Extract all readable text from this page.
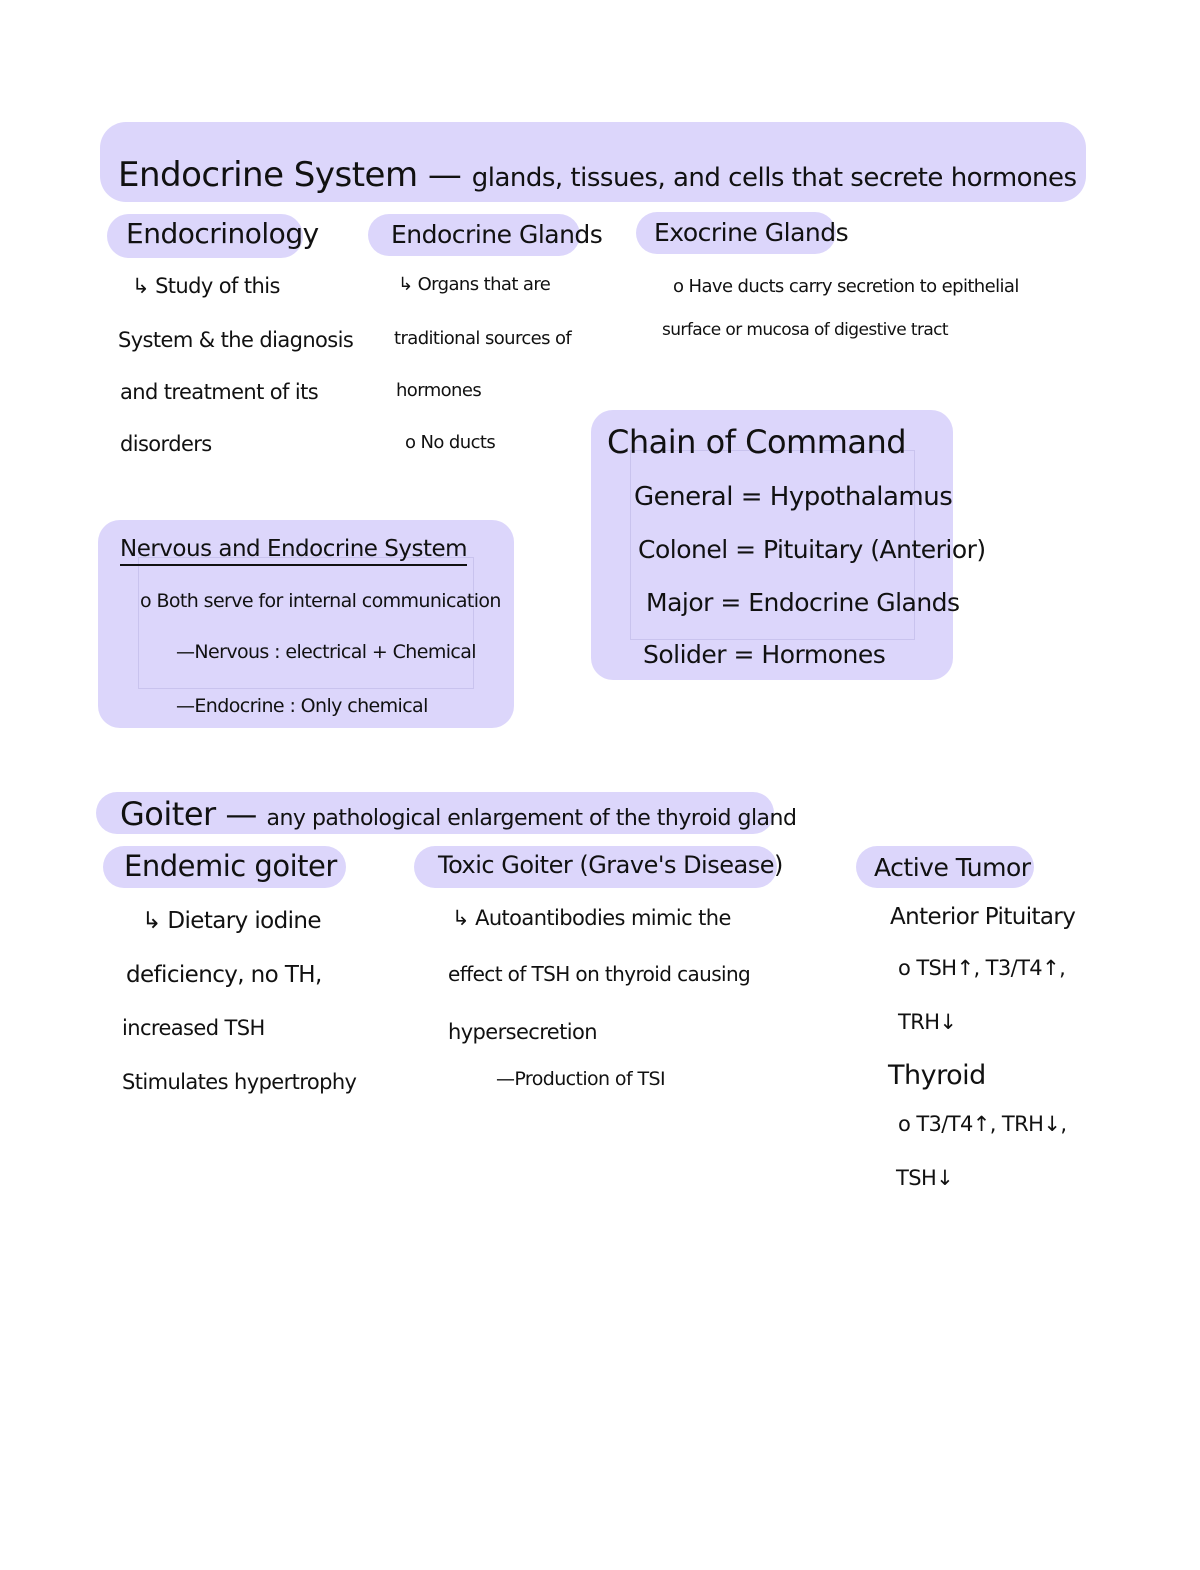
Endocrine System — glands, tissues, and cells that secrete hormones
Endocrinology
↳ Study of this
System & the diagnosis
and treatment of its
disorders
Endocrine Glands
↳ Organs that are
traditional sources of
hormones
o No ducts
Exocrine Glands
o Have ducts carry secretion to epithelial
surface or mucosa of digestive tract
Chain of Command
General = Hypothalamus
Colonel = Pituitary (Anterior)
Major = Endocrine Glands
Solider = Hormones
Nervous and Endocrine System
o Both serve for internal communication
—Nervous : electrical + Chemical
—Endocrine : Only chemical
Goiter — any pathological enlargement of the thyroid gland
Endemic goiter
↳ Dietary iodine
deficiency, no TH,
increased TSH
Stimulates hypertrophy
Toxic Goiter (Grave's Disease)
↳ Autoantibodies mimic the
effect of TSH on thyroid causing
hypersecretion
—Production of TSI
Active Tumor
Anterior Pituitary
o TSH↑, T3/T4↑,
TRH↓
Thyroid
o T3/T4↑, TRH↓,
TSH↓
